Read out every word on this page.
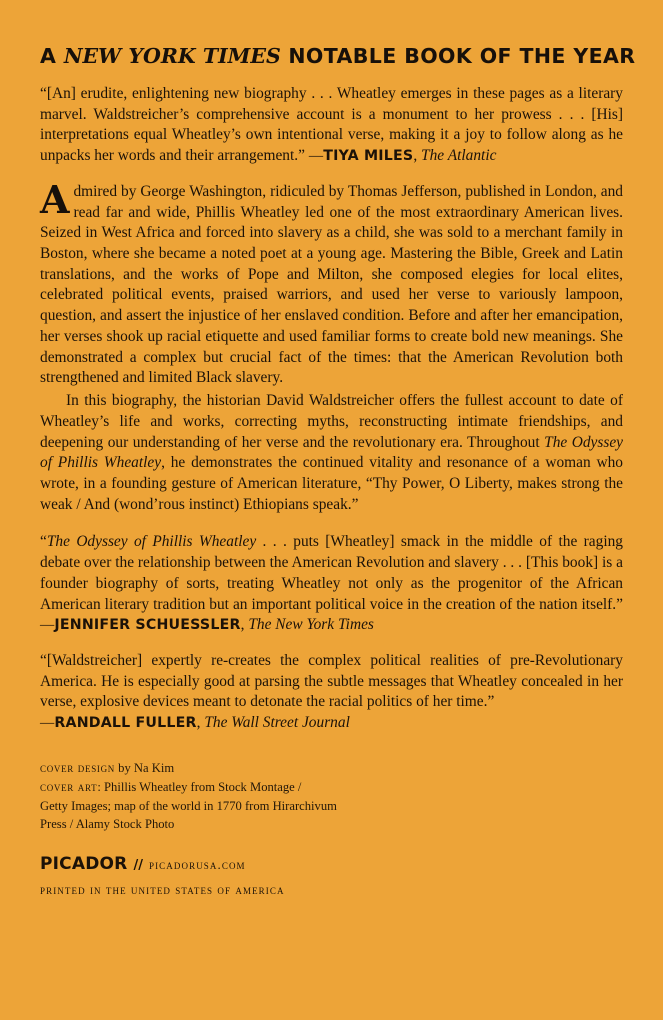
A NEW YORK TIMES NOTABLE BOOK OF THE YEAR

“[An] erudite, enlightening new biography . . . Wheatley emerges in these pages as a literary marvel. Waldstreicher’s comprehensive account is a monument to her prowess . . . [His] interpretations equal Wheatley’s own intentional verse, making it a joy to follow along as he unpacks her words and their arrangement.” —TIYA MILES, The Atlantic

Admired by George Washington, ridiculed by Thomas Jefferson, published in London, and read far and wide, Phillis Wheatley led one of the most extraordinary American lives. Seized in West Africa and forced into slavery as a child, she was sold to a merchant family in Boston, where she became a noted poet at a young age. Mastering the Bible, Greek and Latin translations, and the works of Pope and Milton, she composed elegies for local elites, celebrated political events, praised warriors, and used her verse to variously lampoon, question, and assert the injustice of her enslaved condition. Before and after her emancipation, her verses shook up racial etiquette and used familiar forms to create bold new meanings. She demonstrated a complex but crucial fact of the times: that the American Revolution both strengthened and limited Black slavery.

In this biography, the historian David Waldstreicher offers the fullest account to date of Wheatley’s life and works, correcting myths, reconstructing intimate friendships, and deepening our understanding of her verse and the revolutionary era. Throughout The Odyssey of Phillis Wheatley, he demonstrates the continued vitality and resonance of a woman who wrote, in a founding gesture of American literature, “Thy Power, O Liberty, makes strong the weak / And (wond’rous instinct) Ethiopians speak.”

“The Odyssey of Phillis Wheatley . . . puts [Wheatley] smack in the middle of the raging debate over the relationship between the American Revolution and slavery . . . [This book] is a founder biography of sorts, treating Wheatley not only as the progenitor of the African American literary tradition but an important political voice in the creation of the nation itself.” —JENNIFER SCHUESSLER, The New York Times

“[Waldstreicher] expertly re-creates the complex political realities of pre-Revolutionary America. He is especially good at parsing the subtle messages that Wheatley concealed in her verse, explosive devices meant to detonate the racial politics of her time.”
—RANDALL FULLER, The Wall Street Journal

cover design by Na Kim
cover art: Phillis Wheatley from Stock Montage /
Getty Images; map of the world in 1770 from Hirarchivum
Press / Alamy Stock Photo
PICADOR // picadorusa.com
printed in the united states of america
